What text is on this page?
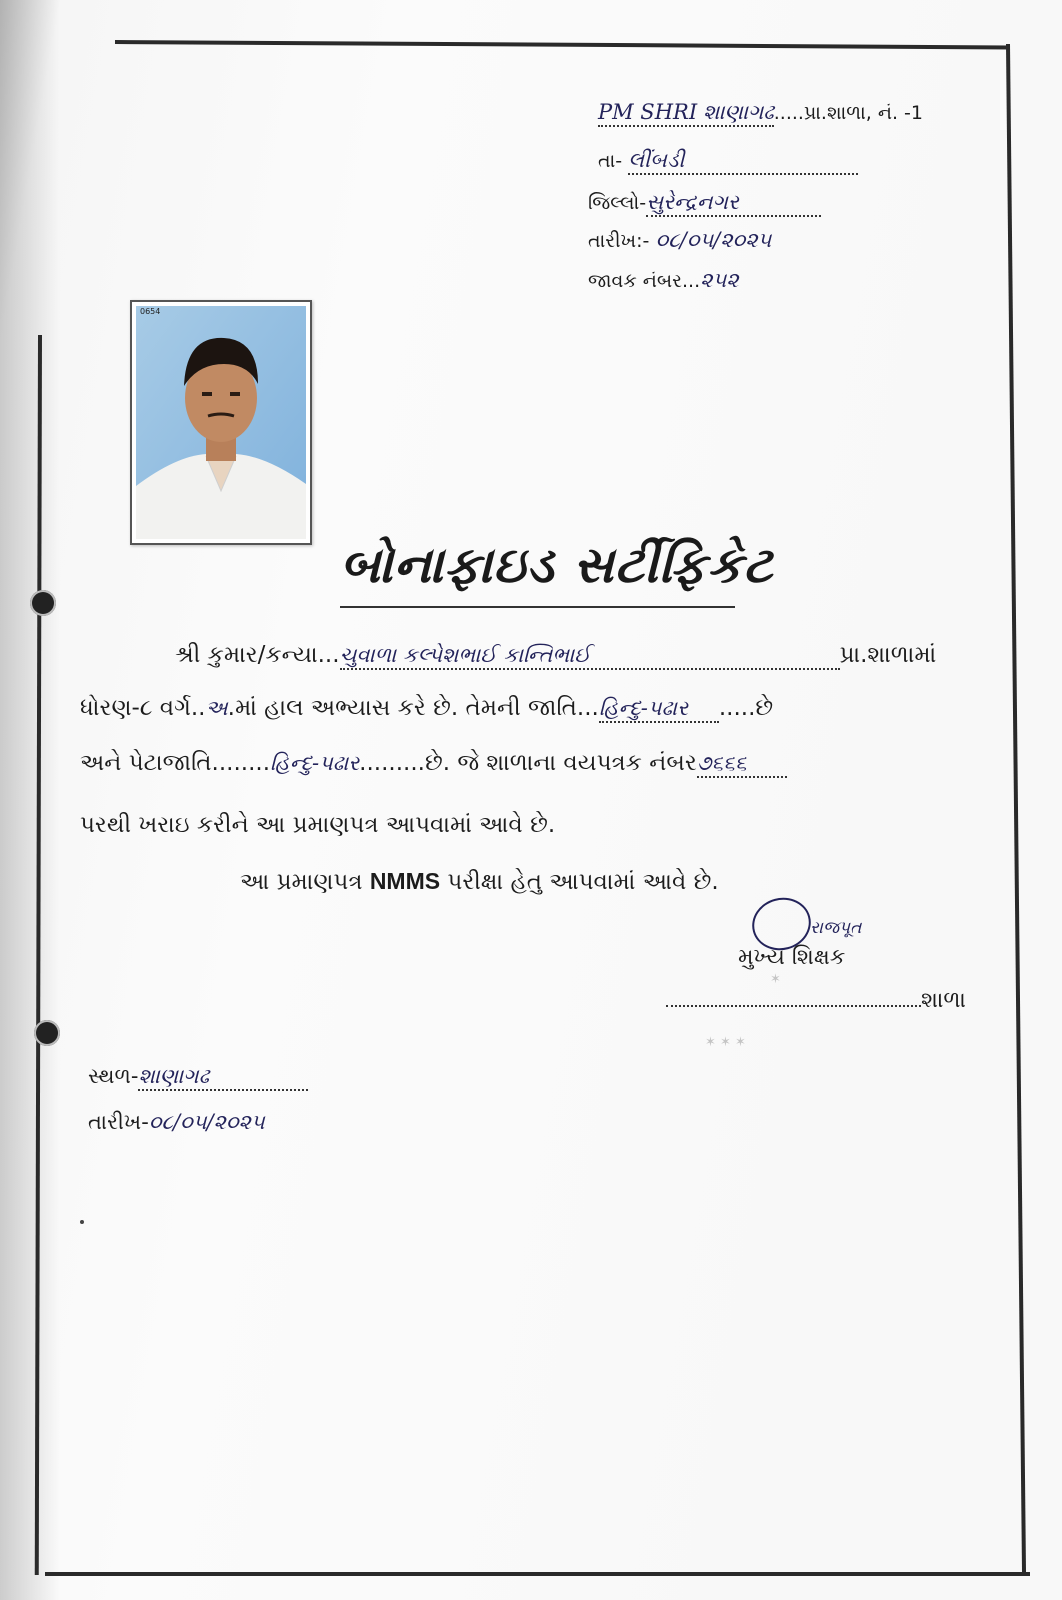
PM SHRI શાણાગઢ.....પ્રા.શાળા, નં. -1
તા- લીંબડી
જિલ્લો-સુરેન્દ્રનગર
તારીખ:- ૦૮/૦૫/૨૦૨૫
જાવક નંબર...૨૫૨
0654
બોનાફાઇડ સર્ટીફિકેટ
શ્રી કુમાર/કન્યા...ચુવાળા કલ્પેશભાઈ કાન્તિભાઈ	પ્રા.શાળામાં
ધોરણ-૮ વર્ગ..અ.માં હાલ અભ્યાસ કરે છે. તેમની જાતિ...હિન્દુ-પઢાર .....છે
અને પેટાજાતિ........હિન્દુ-પઢાર.........છે. જે શાળાના વયપત્રક નંબર૭૬૬૬
પરથી ખરાઇ કરીને આ પ્રમાણપત્ર આપવામાં આવે છે.
આ પ્રમાણપત્ર NMMS પરીક્ષા હેતુ આપવામાં આવે છે.
રાજપૂત
મુખ્ય શિક્ષક
✶
શાળા
✶ ✶ ✶
સ્થળ-શાણાગઢ
તારીખ-૦૮/૦૫/૨૦૨૫
